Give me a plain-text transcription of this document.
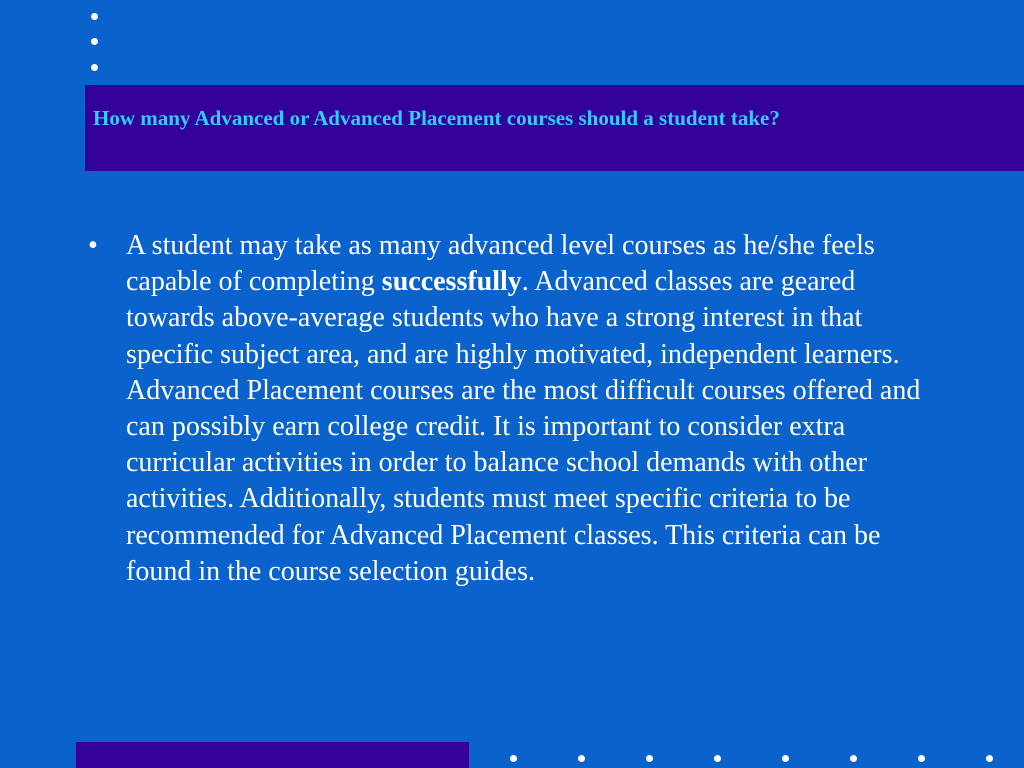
How many Advanced or Advanced Placement courses should a student take?
• A student may take as many advanced level courses as he/she feels capable of completing successfully. Advanced classes are geared towards above-average students who have a strong interest in that specific subject area, and are highly motivated, independent learners. Advanced Placement courses are the most difficult courses offered and can possibly earn college credit. It is important to consider extra curricular activities in order to balance school demands with other activities. Additionally, students must meet specific criteria to be recommended for Advanced Placement classes. This criteria can be found in the course selection guides.
